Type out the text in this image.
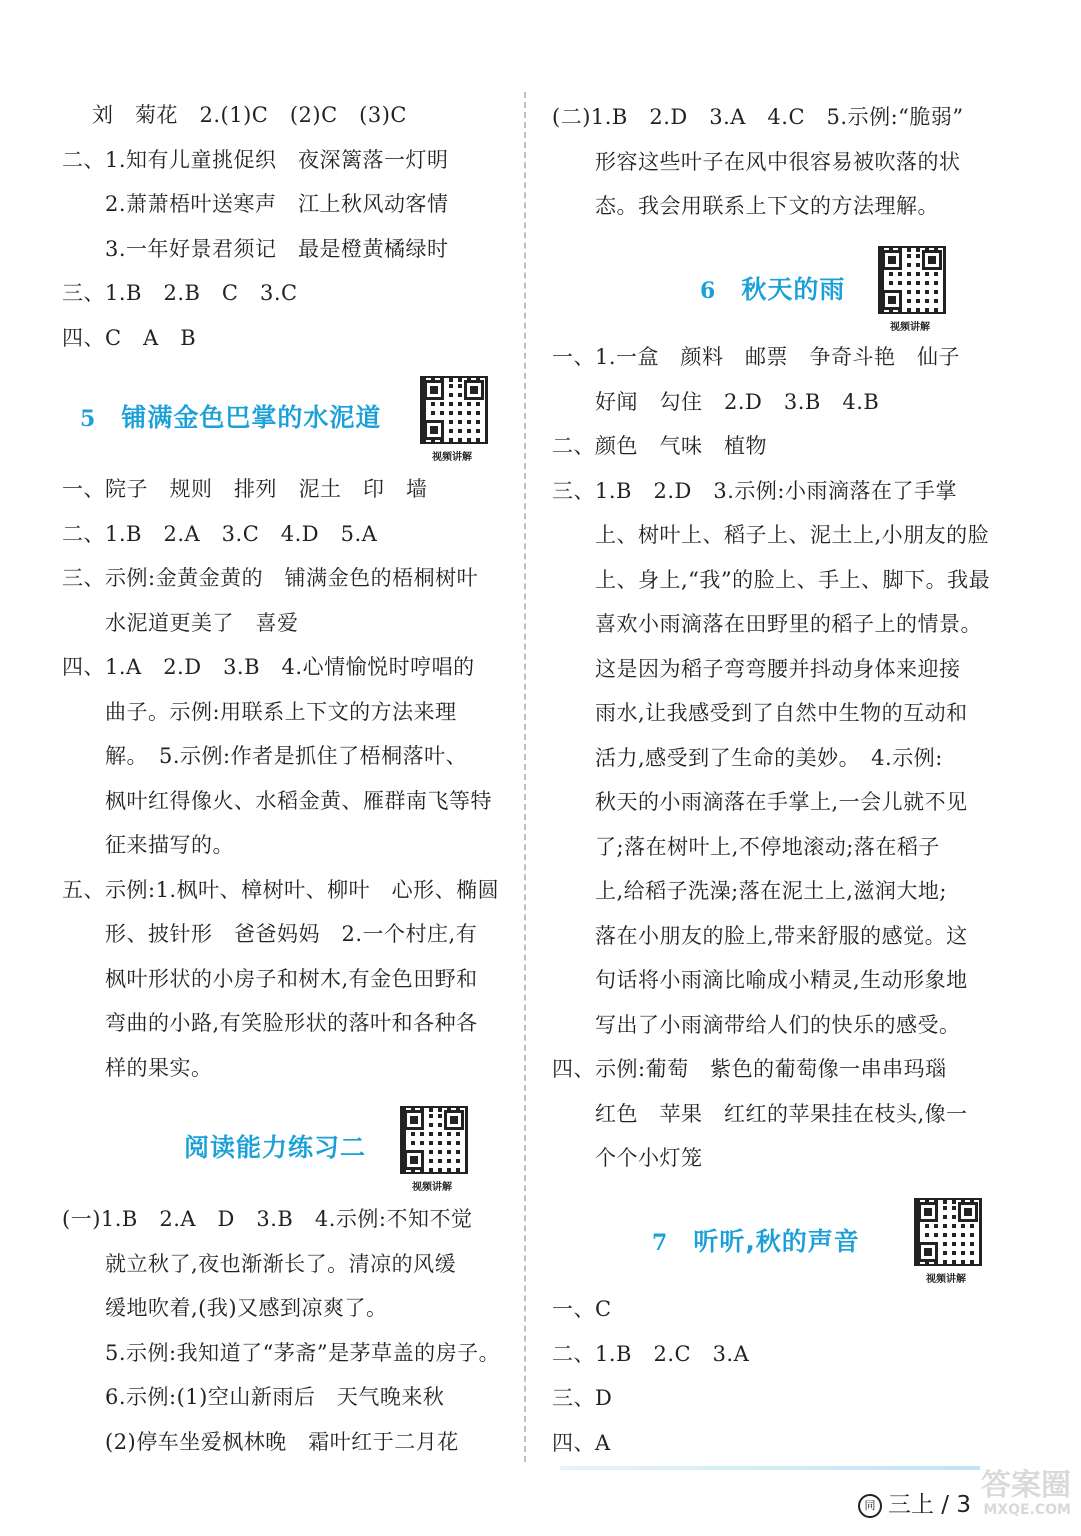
刘　菊花　2.(1)C　(2)C　(3)C
二、1.知有儿童挑促织　夜深篱落一灯明
　　2.萧萧梧叶送寒声　江上秋风动客情
　　3.一年好景君须记　最是橙黄橘绿时
三、1.B　2.B　C　3.C
四、C　A　B
5 铺满金色巴掌的水泥道
视频讲解
一、院子　规则　排列　泥土　印　墙
二、1.B　2.A　3.C　4.D　5.A
三、示例:金黄金黄的　铺满金色的梧桐树叶
　　水泥道更美了　喜爱
四、1.A　2.D　3.B　4.心情愉悦时哼唱的
　　曲子。示例:用联系上下文的方法来理
　　解。　5.示例:作者是抓住了梧桐落叶、
　　枫叶红得像火、水稻金黄、雁群南飞等特
　　征来描写的。
五、示例:1.枫叶、樟树叶、柳叶　心形、椭圆
　　形、披针形　爸爸妈妈　2.一个村庄,有
　　枫叶形状的小房子和树木,有金色田野和
　　弯曲的小路,有笑脸形状的落叶和各种各
　　样的果实。
阅读能力练习二
视频讲解
(一)1.B　2.A　D　3.B　4.示例:不知不觉
　　就立秋了,夜也渐渐长了。清凉的风缓
　　缓地吹着,(我)又感到凉爽了。
　　5.示例:我知道了“茅斋”是茅草盖的房子。
　　6.示例:(1)空山新雨后　天气晚来秋
　　(2)停车坐爱枫林晚　霜叶红于二月花
(二)1.B　2.D　3.A　4.C　5.示例:“脆弱”
　　形容这些叶子在风中很容易被吹落的状
　　态。我会用联系上下文的方法理解。
6 秋天的雨
视频讲解
一、1.一盒　颜料　邮票　争奇斗艳　仙子
　　好闻　勾住　2.D　3.B　4.B
二、颜色　气味　植物
三、1.B　2.D　3.示例:小雨滴落在了手掌
　　上、树叶上、稻子上、泥土上,小朋友的脸
　　上、身上,“我”的脸上、手上、脚下。我最
　　喜欢小雨滴落在田野里的稻子上的情景。
　　这是因为稻子弯弯腰并抖动身体来迎接
　　雨水,让我感受到了自然中生物的互动和
　　活力,感受到了生命的美妙。　4.示例:
　　秋天的小雨滴落在手掌上,一会儿就不见
　　了;落在树叶上,不停地滚动;落在稻子
　　上,给稻子洗澡;落在泥土上,滋润大地;
　　落在小朋友的脸上,带来舒服的感觉。这
　　句话将小雨滴比喻成小精灵,生动形象地
　　写出了小雨滴带给人们的快乐的感受。
四、示例:葡萄　紫色的葡萄像一串串玛瑙
　　红色　苹果　红红的苹果挂在枝头,像一
　　个个小灯笼
7 听听,秋的声音
视频讲解
一、C
二、1.B　2.C　3.A
三、D
四、A
同 三上 / 3
答案圈
MXQE.COM
